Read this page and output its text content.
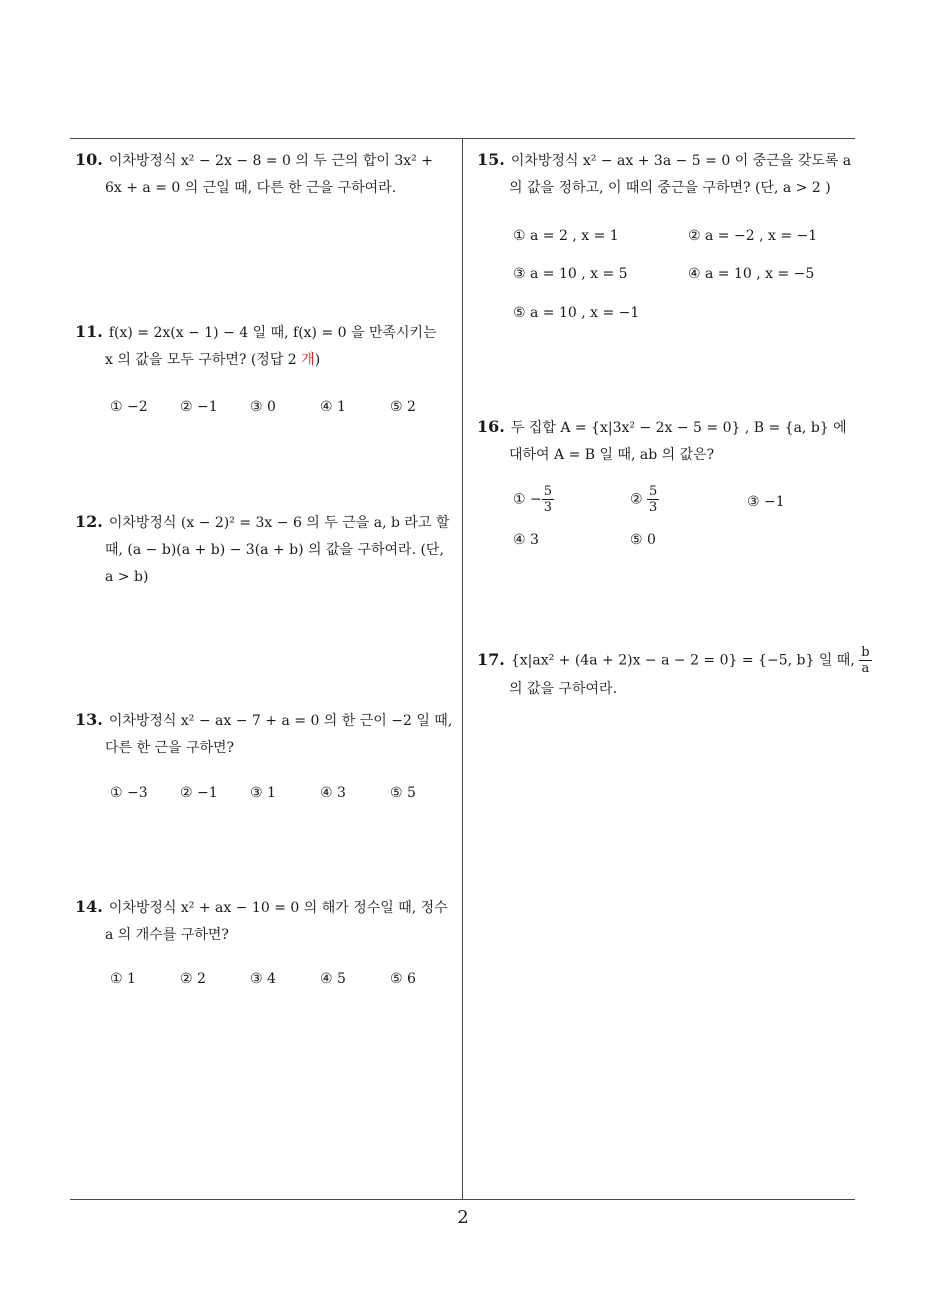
10. 이차방정식 x² − 2x − 8 = 0 의 두 근의 합이 3x² +
6x + a = 0 의 근일 때, 다른 한 근을 구하여라.
11. f(x) = 2x(x − 1) − 4 일 때, f(x) = 0 을 만족시키는
x 의 값을 모두 구하면? (정답 2 개)
① −2 ② −1 ③ 0	④ 1	⑤ 2
12. 이차방정식 (x − 2)² = 3x − 6 의 두 근을 a, b 라고 할
때, (a − b)(a + b) − 3(a + b) 의 값을 구하여라. (단,
a > b)
13. 이차방정식 x² − ax − 7 + a = 0 의 한 근이 −2 일 때,
다른 한 근을 구하면?
① −3 ② −1 ③ 1	④ 3	⑤ 5
14. 이차방정식 x² + ax − 10 = 0 의 해가 정수일 때, 정수
a 의 개수를 구하면?
① 1	② 2	③ 4	④ 5	⑤ 6
15. 이차방정식 x² − ax + 3a − 5 = 0 이 중근을 갖도록 a
의 값을 정하고, 이 때의 중근을 구하면? (단, a > 2 )
① a = 2 , x = 1	② a = −2 , x = −1
③ a = 10 , x = 5	④ a = 10 , x = −5
⑤ a = 10 , x = −1
16. 두 집합 A = {x|3x² − 2x − 5 = 0} , B = {a, b} 에
대하여 A = B 일 때, ab 의 값은?
① − $\frac{5}{3}$	② $\frac{5}{3}$	③ −1
④ 3	⑤ 0
17. {x|ax² + (4a + 2)x − a − 2 = 0} = {−5, b} 일 때, $\frac{b}{a}$
의 값을 구하여라.
2
